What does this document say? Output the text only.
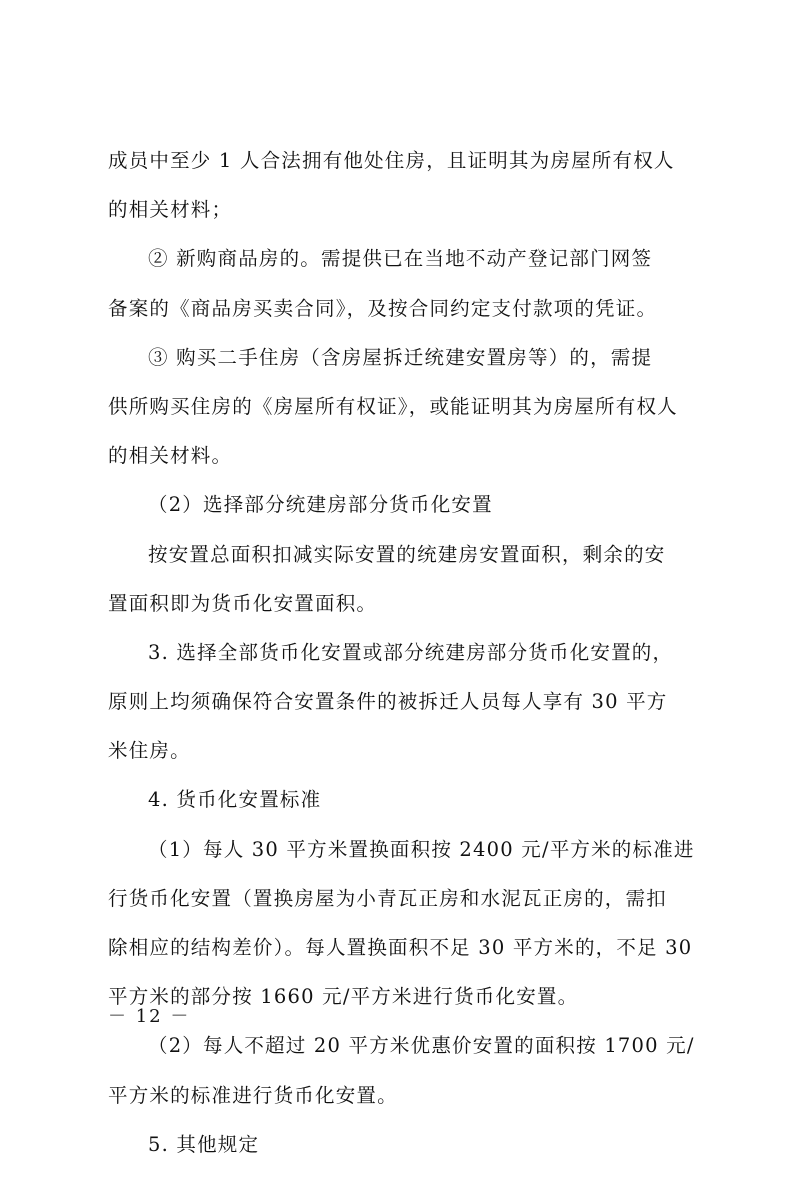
成员中至少 1 人合法拥有他处住房，且证明其为房屋所有权人
的相关材料；
② 新购商品房的。需提供已在当地不动产登记部门网签
备案的《商品房买卖合同》，及按合同约定支付款项的凭证。
③ 购买二手住房（含房屋拆迁统建安置房等）的，需提
供所购买住房的《房屋所有权证》，或能证明其为房屋所有权人
的相关材料。
（2）选择部分统建房部分货币化安置
按安置总面积扣减实际安置的统建房安置面积，剩余的安
置面积即为货币化安置面积。
3. 选择全部货币化安置或部分统建房部分货币化安置的，
原则上均须确保符合安置条件的被拆迁人员每人享有 30 平方
米住房。
4. 货币化安置标准
（1）每人 30 平方米置换面积按 2400 元/平方米的标准进
行货币化安置（置换房屋为小青瓦正房和水泥瓦正房的，需扣
除相应的结构差价）。每人置换面积不足 30 平方米的，不足 30
平方米的部分按 1660 元/平方米进行货币化安置。
（2）每人不超过 20 平方米优惠价安置的面积按 1700 元/
平方米的标准进行货币化安置。
5. 其他规定
－ 12 －
